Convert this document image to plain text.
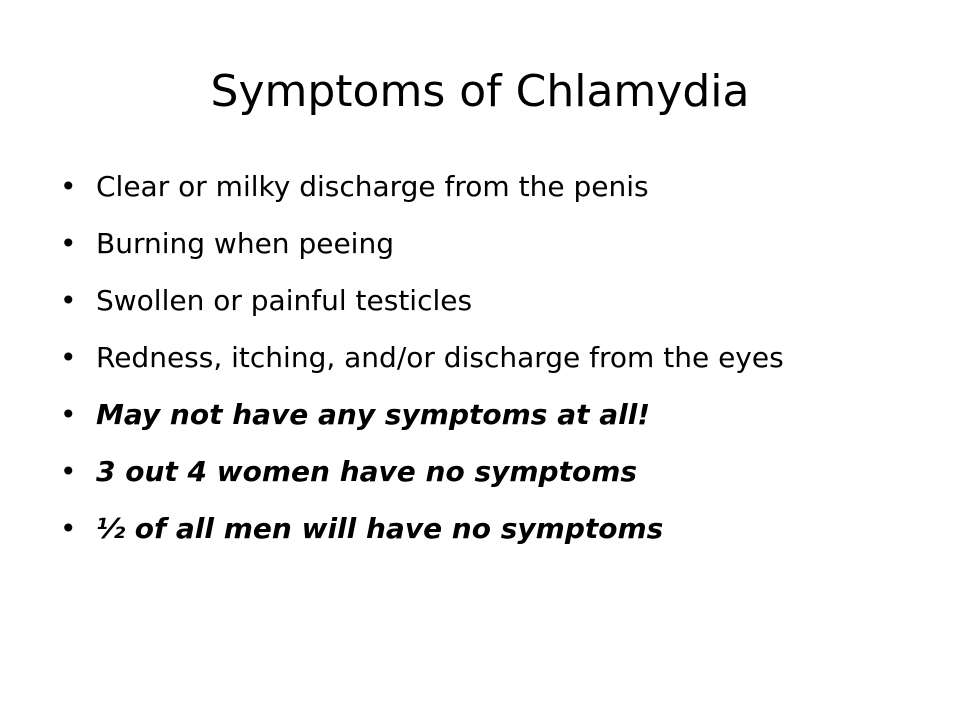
Symptoms of Chlamydia
• Clear or milky discharge from the penis
• Burning when peeing
• Swollen or painful testicles
• Redness, itching, and/or discharge from the eyes
• May not have any symptoms at all!
• 3 out 4 women have no symptoms
• ½ of all men will have no symptoms
